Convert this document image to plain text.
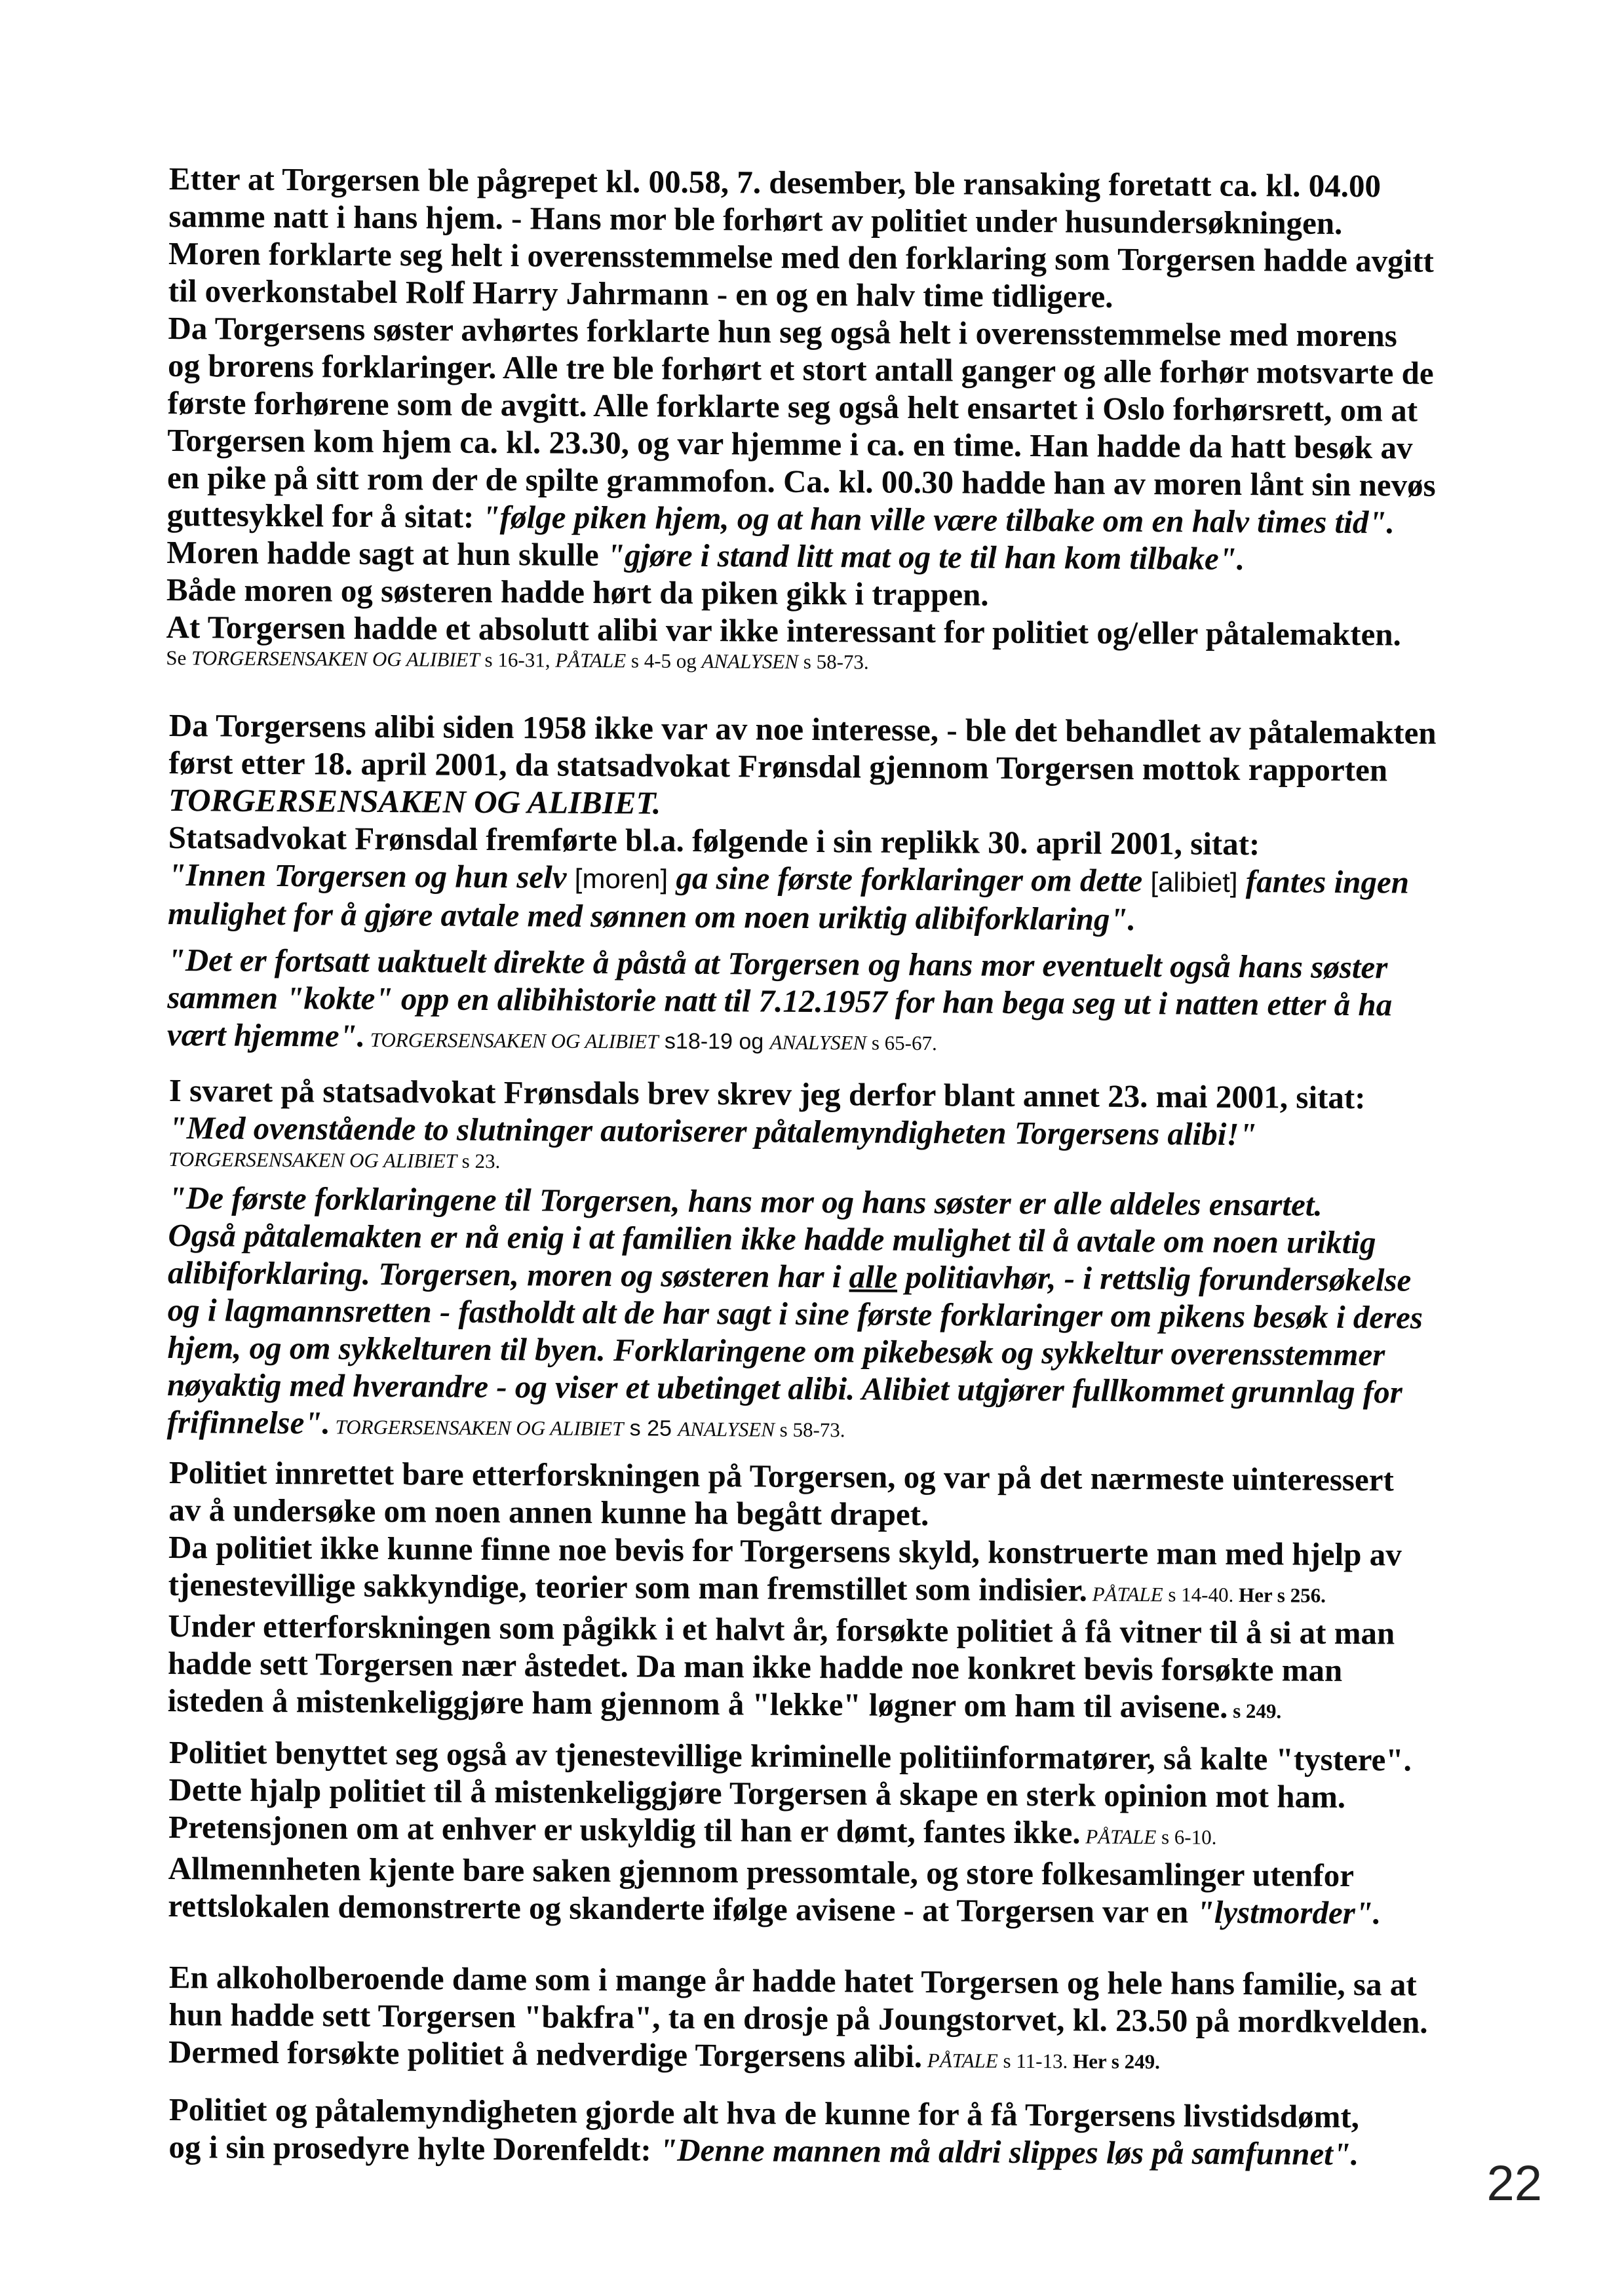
Etter at Torgersen ble pågrepet kl. 00.58, 7. desember, ble ransaking foretatt ca. kl. 04.00
samme natt i hans hjem. - Hans mor ble forhørt av politiet under husundersøkningen.
Moren forklarte seg helt i overensstemmelse med den forklaring som Torgersen hadde avgitt
til overkonstabel Rolf Harry Jahrmann - en og en halv time tidligere.
Da Torgersens søster avhørtes forklarte hun seg også helt i overensstemmelse med morens
og brorens forklaringer. Alle tre ble forhørt et stort antall ganger og alle forhør motsvarte de
første forhørene som de avgitt. Alle forklarte seg også helt ensartet i Oslo forhørsrett, om at
Torgersen kom hjem ca. kl. 23.30, og var hjemme i ca. en time. Han hadde da hatt besøk av
en pike på sitt rom der de spilte grammofon. Ca. kl. 00.30 hadde han av moren lånt sin nevøs
guttesykkel for å sitat: "følge piken hjem, og at han ville være tilbake om en halv times tid".
Moren hadde sagt at hun skulle "gjøre i stand litt mat og te til han kom tilbake".
Både moren og søsteren hadde hørt da piken gikk i trappen.
At Torgersen hadde et absolutt alibi var ikke interessant for politiet og/eller påtalemakten.
Se TORGERSENSAKEN OG ALIBIET s 16-31, PÅTALE s 4-5 og ANALYSEN s 58-73.
Da Torgersens alibi siden 1958 ikke var av noe interesse, - ble det behandlet av påtalemakten
først etter 18. april 2001, da statsadvokat Frønsdal gjennom Torgersen mottok rapporten
TORGERSENSAKEN OG ALIBIET.
Statsadvokat Frønsdal fremførte bl.a. følgende i sin replikk 30. april 2001, sitat:
"Innen Torgersen og hun selv [moren] ga sine første forklaringer om dette [alibiet] fantes ingen
mulighet for å gjøre avtale med sønnen om noen uriktig alibiforklaring".
"Det er fortsatt uaktuelt direkte å påstå at Torgersen og hans mor eventuelt også hans søster
sammen "kokte" opp en alibihistorie natt til 7.12.1957 for han bega seg ut i natten etter å ha
vært hjemme". TORGERSENSAKEN OG ALIBIET s18-19 og ANALYSEN s 65-67.
I svaret på statsadvokat Frønsdals brev skrev jeg derfor blant annet 23. mai 2001, sitat:
"Med ovenstående to slutninger autoriserer påtalemyndigheten Torgersens alibi!"
TORGERSENSAKEN OG ALIBIET s 23.
"De første forklaringene til Torgersen, hans mor og hans søster er alle aldeles ensartet.
Også påtalemakten er nå enig i at familien ikke hadde mulighet til å avtale om noen uriktig
alibiforklaring. Torgersen, moren og søsteren har i alle politiavhør, - i rettslig forundersøkelse
og i lagmannsretten - fastholdt alt de har sagt i sine første forklaringer om pikens besøk i deres
hjem, og om sykkelturen til byen. Forklaringene om pikebesøk og sykkeltur overensstemmer
nøyaktig med hverandre - og viser et ubetinget alibi. Alibiet utgjører fullkommet grunnlag for
frifinnelse". TORGERSENSAKEN OG ALIBIET s 25 ANALYSEN s 58-73.
Politiet innrettet bare etterforskningen på Torgersen, og var på det nærmeste uinteressert
av å undersøke om noen annen kunne ha begått drapet.
Da politiet ikke kunne finne noe bevis for Torgersens skyld, konstruerte man med hjelp av
tjenestevillige sakkyndige, teorier som man fremstillet som indisier. PÅTALE s 14-40. Her s 256.
Under etterforskningen som pågikk i et halvt år, forsøkte politiet å få vitner til å si at man
hadde sett Torgersen nær åstedet. Da man ikke hadde noe konkret bevis forsøkte man
isteden å mistenkeliggjøre ham gjennom å "lekke" løgner om ham til avisene. s 249.
Politiet benyttet seg også av tjenestevillige kriminelle politiinformatører, så kalte "tystere".
Dette hjalp politiet til å mistenkeliggjøre Torgersen å skape en sterk opinion mot ham.
Pretensjonen om at enhver er uskyldig til han er dømt, fantes ikke. PÅTALE s 6-10.
Allmennheten kjente bare saken gjennom pressomtale, og store folkesamlinger utenfor
rettslokalen demonstrerte og skanderte ifølge avisene - at Torgersen var en "lystmorder".
En alkoholberoende dame som i mange år hadde hatet Torgersen og hele hans familie, sa at
hun hadde sett Torgersen "bakfra", ta en drosje på Joungstorvet, kl. 23.50 på mordkvelden.
Dermed forsøkte politiet å nedverdige Torgersens alibi. PÅTALE s 11-13. Her s 249.
Politiet og påtalemyndigheten gjorde alt hva de kunne for å få Torgersens livstidsdømt,
og i sin prosedyre hylte Dorenfeldt: "Denne mannen må aldri slippes løs på samfunnet".
22
